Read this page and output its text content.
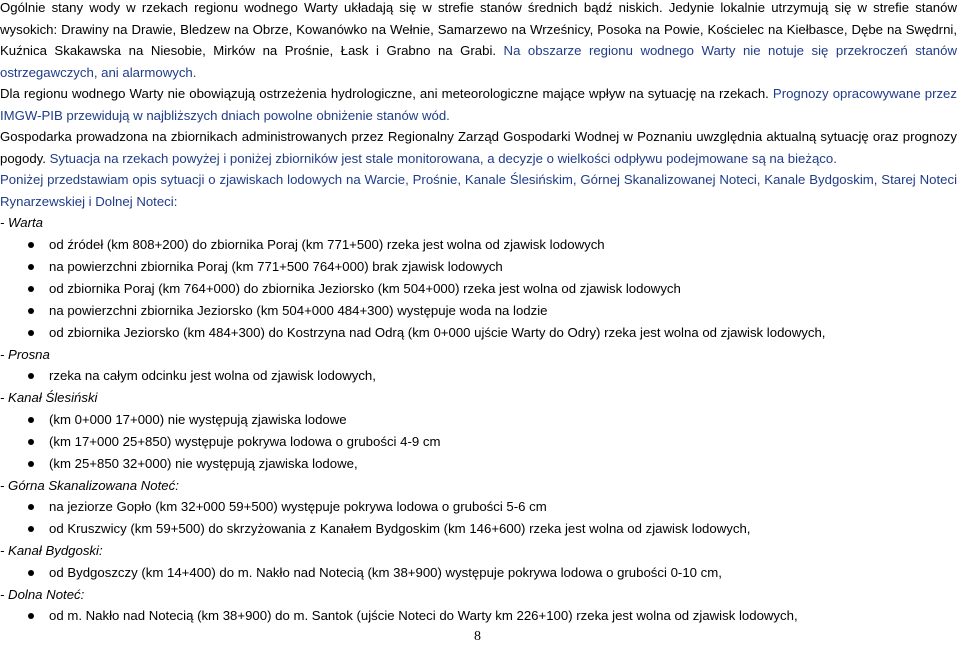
Ogólnie stany wody w rzekach regionu wodnego Warty układają się w strefie stanów średnich bądź niskich. Jedynie lokalnie utrzymują się w strefie stanów wysokich: Drawiny na Drawie, Bledzew na Obrze, Kowanówko na Wełnie, Samarzewo na Wrześnicy, Posoka na Powie, Kościelec na Kiełbasce, Dębe na Swędrni, Kuźnica Skakawska na Niesobie, Mirków na Prośnie, Łask i Grabno na Grabi. Na obszarze regionu wodnego Warty nie notuje się przekroczeń stanów ostrzegawczych, ani alarmowych.

Dla regionu wodnego Warty nie obowiązują ostrzeżenia hydrologiczne, ani meteorologiczne mające wpływ na sytuację na rzekach. Prognozy opracowywane przez IMGW-PIB przewidują w najbliższych dniach powolne obniżenie stanów wód.

Gospodarka prowadzona na zbiornikach administrowanych przez Regionalny Zarząd Gospodarki Wodnej w Poznaniu uwzględnia aktualną sytuację oraz prognozy pogody. Sytuacja na rzekach powyżej i poniżej zbiorników jest stale monitorowana, a decyzje o wielkości odpływu podejmowane są na bieżąco.

Poniżej przedstawiam opis sytuacji o zjawiskach lodowych na Warcie, Prośnie, Kanale Ślesińskim, Górnej Skanalizowanej Noteci, Kanale Bydgoskim, Starej Noteci Rynarzewskiej i Dolnej Noteci:

- Warta

od źródeł (km 808+200) do zbiornika Poraj (km 771+500) rzeka jest wolna od zjawisk lodowych
na powierzchni zbiornika Poraj (km 771+500 764+000) brak zjawisk lodowych
od zbiornika Poraj (km 764+000) do zbiornika Jeziorsko (km 504+000) rzeka jest wolna od zjawisk lodowych
na powierzchni zbiornika Jeziorsko (km 504+000 484+300) występuje woda na lodzie
od zbiornika Jeziorsko (km 484+300) do Kostrzyna nad Odrą (km 0+000 ujście Warty do Odry) rzeka jest wolna od zjawisk lodowych,

- Prosna

rzeka na całym odcinku jest wolna od zjawisk lodowych,

- Kanał Ślesiński

(km 0+000 17+000) nie występują zjawiska lodowe
(km 17+000 25+850) występuje pokrywa lodowa o grubości 4-9 cm
(km 25+850 32+000) nie występują zjawiska lodowe,

- Górna Skanalizowana Noteć:

na jeziorze Gopło (km 32+000 59+500) występuje pokrywa lodowa o grubości 5-6 cm
od Kruszwicy (km 59+500) do skrzyżowania z Kanałem Bydgoskim (km 146+600) rzeka jest wolna od zjawisk lodowych,

- Kanał Bydgoski:

od Bydgoszczy (km 14+400) do m. Nakło nad Notecią (km 38+900) występuje pokrywa lodowa o grubości 0-10 cm,

- Dolna Noteć:

od m. Nakło nad Notecią (km 38+900) do m. Santok (ujście Noteci do Warty km 226+100) rzeka jest wolna od zjawisk lodowych,
8
